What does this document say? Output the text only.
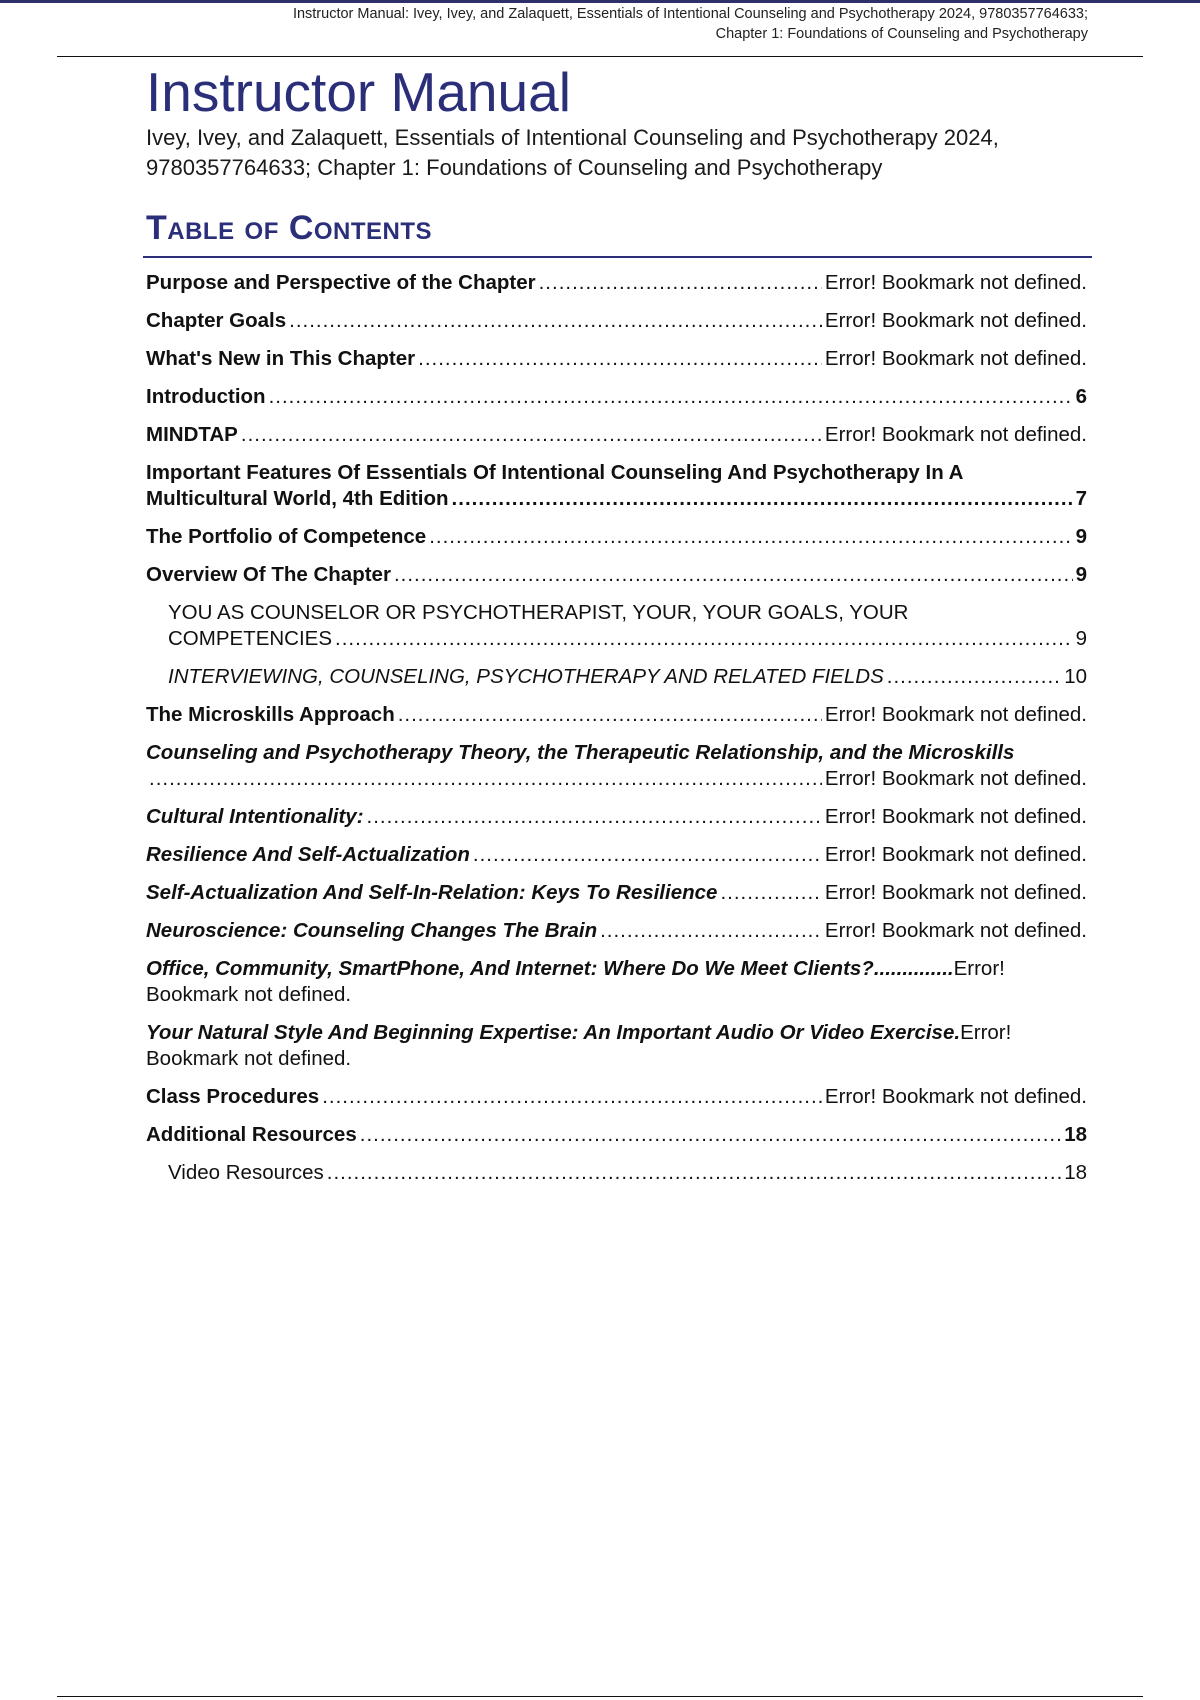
Instructor Manual: Ivey, Ivey, and Zalaquett, Essentials of Intentional Counseling and Psychotherapy 2024, 9780357764633;
Chapter 1: Foundations of Counseling and Psychotherapy
Instructor Manual

Ivey, Ivey, and Zalaquett, Essentials of Intentional Counseling and Psychotherapy 2024, 9780357764633; Chapter 1: Foundations of Counseling and Psychotherapy

Table of Contents
Purpose and Perspective of the Chapter .....	Error! Bookmark not defined.
Chapter Goals .....	Error! Bookmark not defined.
What's New in This Chapter .....	Error! Bookmark not defined.
Introduction .....	6
MINDTAP .....	Error! Bookmark not defined.
Important Features Of Essentials Of Intentional Counseling And Psychotherapy In A
Multicultural World, 4th Edition .....	7
The Portfolio of Competence .....	9
Overview Of The Chapter .....	9
YOU AS COUNSELOR OR PSYCHOTHERAPIST, YOUR, YOUR GOALS, YOUR
COMPETENCIES .....	9
INTERVIEWING, COUNSELING, PSYCHOTHERAPY AND RELATED FIELDS .....	10
The Microskills Approach .....	Error! Bookmark not defined.
Counseling and Psychotherapy Theory, the Therapeutic Relationship, and the Microskills
.....
Error! Bookmark not defined.
Cultural Intentionality: .....	Error! Bookmark not defined.
Resilience And Self-Actualization .....	Error! Bookmark not defined.
Self-Actualization And Self-In-Relation: Keys To Resilience .....	Error! Bookmark not defined.
Neuroscience: Counseling Changes The Brain .....	Error! Bookmark not defined.
Office, Community, SmartPhone, And Internet: Where Do We Meet Clients?..............Error! Bookmark not defined.
Your Natural Style And Beginning Expertise: An Important Audio Or Video Exercise.Error! Bookmark not defined.
Class Procedures .....	Error! Bookmark not defined.
Additional Resources .....	18
Video Resources .....	18
